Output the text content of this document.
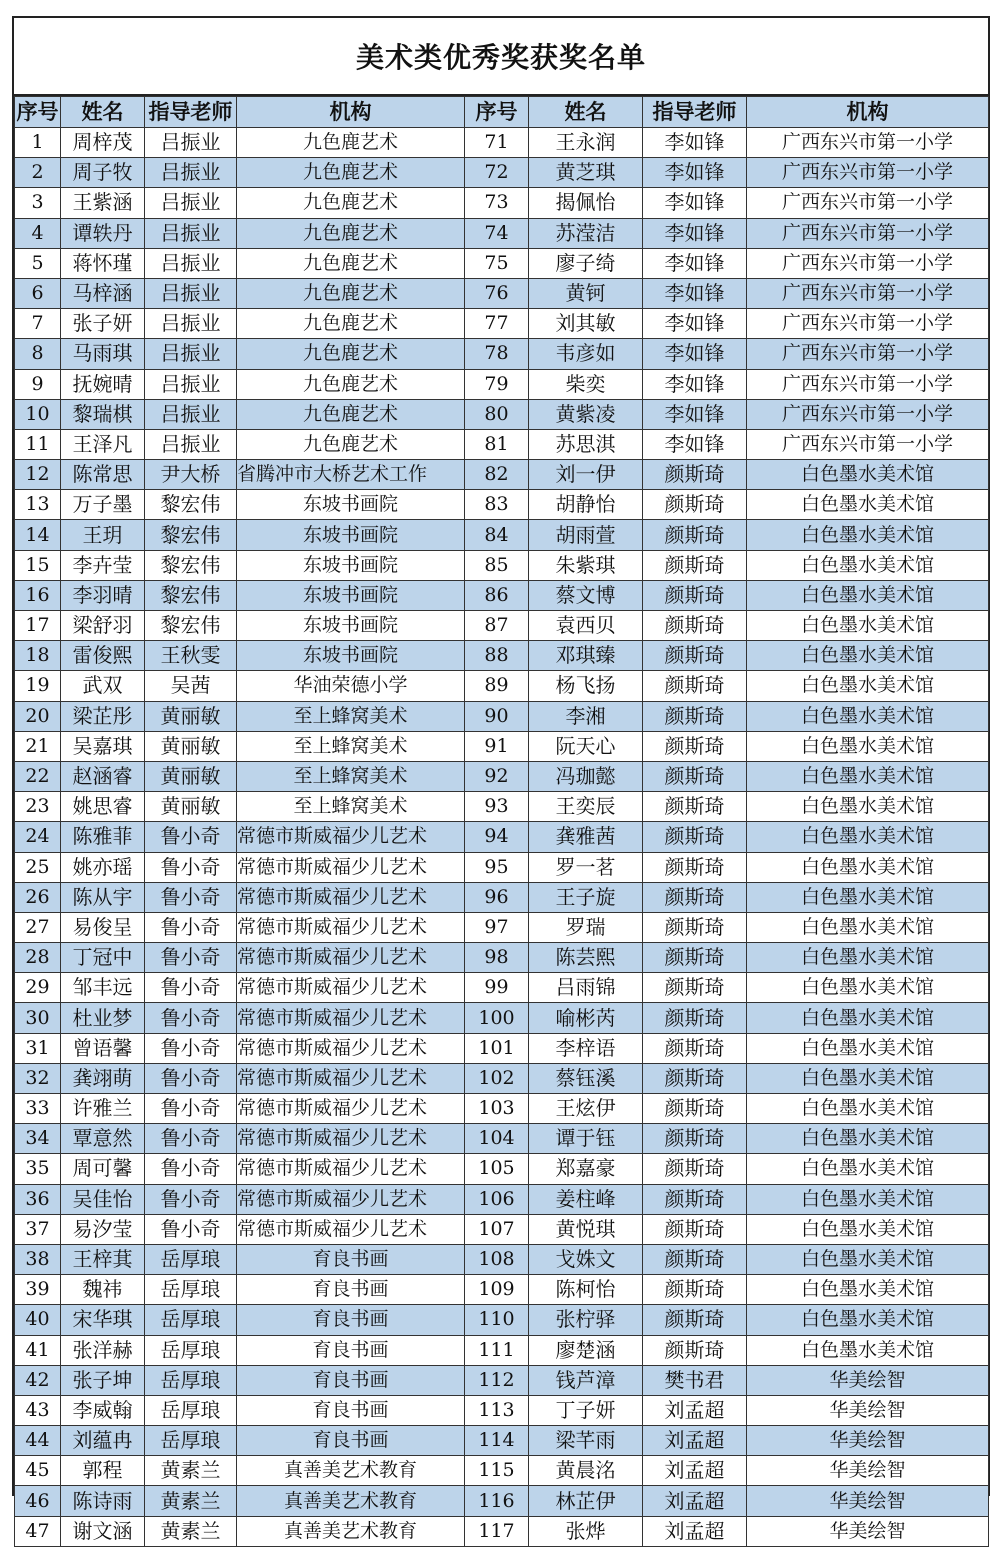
美术类优秀奖获奖名单
序号	姓名	指导老师	机构	序号	姓名	指导老师	机构
1	周梓茂	吕振业	九色鹿艺术	71	王永润	李如锋	广西东兴市第一小学
2	周子牧	吕振业	九色鹿艺术	72	黄芝琪	李如锋	广西东兴市第一小学
3	王紫涵	吕振业	九色鹿艺术	73	揭佩怡	李如锋	广西东兴市第一小学
4	谭轶丹	吕振业	九色鹿艺术	74	苏滢洁	李如锋	广西东兴市第一小学
5	蒋怀瑾	吕振业	九色鹿艺术	75	廖子绮	李如锋	广西东兴市第一小学
6	马梓涵	吕振业	九色鹿艺术	76	黄钶	李如锋	广西东兴市第一小学
7	张子妍	吕振业	九色鹿艺术	77	刘其敏	李如锋	广西东兴市第一小学
8	马雨琪	吕振业	九色鹿艺术	78	韦彦如	李如锋	广西东兴市第一小学
9	抚婉晴	吕振业	九色鹿艺术	79	柴奕	李如锋	广西东兴市第一小学
10	黎瑞棋	吕振业	九色鹿艺术	80	黄紫凌	李如锋	广西东兴市第一小学
11	王泽凡	吕振业	九色鹿艺术	81	苏思淇	李如锋	广西东兴市第一小学
12	陈常思	尹大桥	省腾冲市大桥艺术工作	82	刘一伊	颜斯琦	白色墨水美术馆
13	万子墨	黎宏伟	东坡书画院	83	胡静怡	颜斯琦	白色墨水美术馆
14	王玥	黎宏伟	东坡书画院	84	胡雨萱	颜斯琦	白色墨水美术馆
15	李卉莹	黎宏伟	东坡书画院	85	朱紫琪	颜斯琦	白色墨水美术馆
16	李羽晴	黎宏伟	东坡书画院	86	蔡文博	颜斯琦	白色墨水美术馆
17	梁舒羽	黎宏伟	东坡书画院	87	袁西贝	颜斯琦	白色墨水美术馆
18	雷俊熙	王秋雯	东坡书画院	88	邓琪臻	颜斯琦	白色墨水美术馆
19	武双	吴茜	华油荣德小学	89	杨飞扬	颜斯琦	白色墨水美术馆
20	梁芷彤	黄丽敏	至上蜂窝美术	90	李湘	颜斯琦	白色墨水美术馆
21	吴嘉琪	黄丽敏	至上蜂窝美术	91	阮天心	颜斯琦	白色墨水美术馆
22	赵涵睿	黄丽敏	至上蜂窝美术	92	冯珈懿	颜斯琦	白色墨水美术馆
23	姚思睿	黄丽敏	至上蜂窝美术	93	王奕辰	颜斯琦	白色墨水美术馆
24	陈雅菲	鲁小奇	常德市斯威福少儿艺术	94	龚雅茜	颜斯琦	白色墨水美术馆
25	姚亦瑶	鲁小奇	常德市斯威福少儿艺术	95	罗一茗	颜斯琦	白色墨水美术馆
26	陈从宇	鲁小奇	常德市斯威福少儿艺术	96	王子旋	颜斯琦	白色墨水美术馆
27	易俊呈	鲁小奇	常德市斯威福少儿艺术	97	罗瑞	颜斯琦	白色墨水美术馆
28	丁冠中	鲁小奇	常德市斯威福少儿艺术	98	陈芸熙	颜斯琦	白色墨水美术馆
29	邹丰远	鲁小奇	常德市斯威福少儿艺术	99	吕雨锦	颜斯琦	白色墨水美术馆
30	杜业梦	鲁小奇	常德市斯威福少儿艺术	100	喻彬芮	颜斯琦	白色墨水美术馆
31	曾语馨	鲁小奇	常德市斯威福少儿艺术	101	李梓语	颜斯琦	白色墨水美术馆
32	龚翊萌	鲁小奇	常德市斯威福少儿艺术	102	蔡钰溪	颜斯琦	白色墨水美术馆
33	许雅兰	鲁小奇	常德市斯威福少儿艺术	103	王炫伊	颜斯琦	白色墨水美术馆
34	覃意然	鲁小奇	常德市斯威福少儿艺术	104	谭于钰	颜斯琦	白色墨水美术馆
35	周可馨	鲁小奇	常德市斯威福少儿艺术	105	郑嘉豪	颜斯琦	白色墨水美术馆
36	吴佳怡	鲁小奇	常德市斯威福少儿艺术	106	姜柱峰	颜斯琦	白色墨水美术馆
37	易汐莹	鲁小奇	常德市斯威福少儿艺术	107	黄悦琪	颜斯琦	白色墨水美术馆
38	王梓萁	岳厚琅	育良书画	108	戈姝文	颜斯琦	白色墨水美术馆
39	魏祎	岳厚琅	育良书画	109	陈柯怡	颜斯琦	白色墨水美术馆
40	宋华琪	岳厚琅	育良书画	110	张柠驿	颜斯琦	白色墨水美术馆
41	张洋赫	岳厚琅	育良书画	111	廖楚涵	颜斯琦	白色墨水美术馆
42	张子坤	岳厚琅	育良书画	112	钱芦漳	樊书君	华美绘智
43	李威翰	岳厚琅	育良书画	113	丁子妍	刘孟超	华美绘智
44	刘蕴冉	岳厚琅	育良书画	114	梁芊雨	刘孟超	华美绘智
45	郭程	黄素兰	真善美艺术教育	115	黄晨洺	刘孟超	华美绘智
46	陈诗雨	黄素兰	真善美艺术教育	116	林芷伊	刘孟超	华美绘智
47	谢文涵	黄素兰	真善美艺术教育	117	张烨	刘孟超	华美绘智
